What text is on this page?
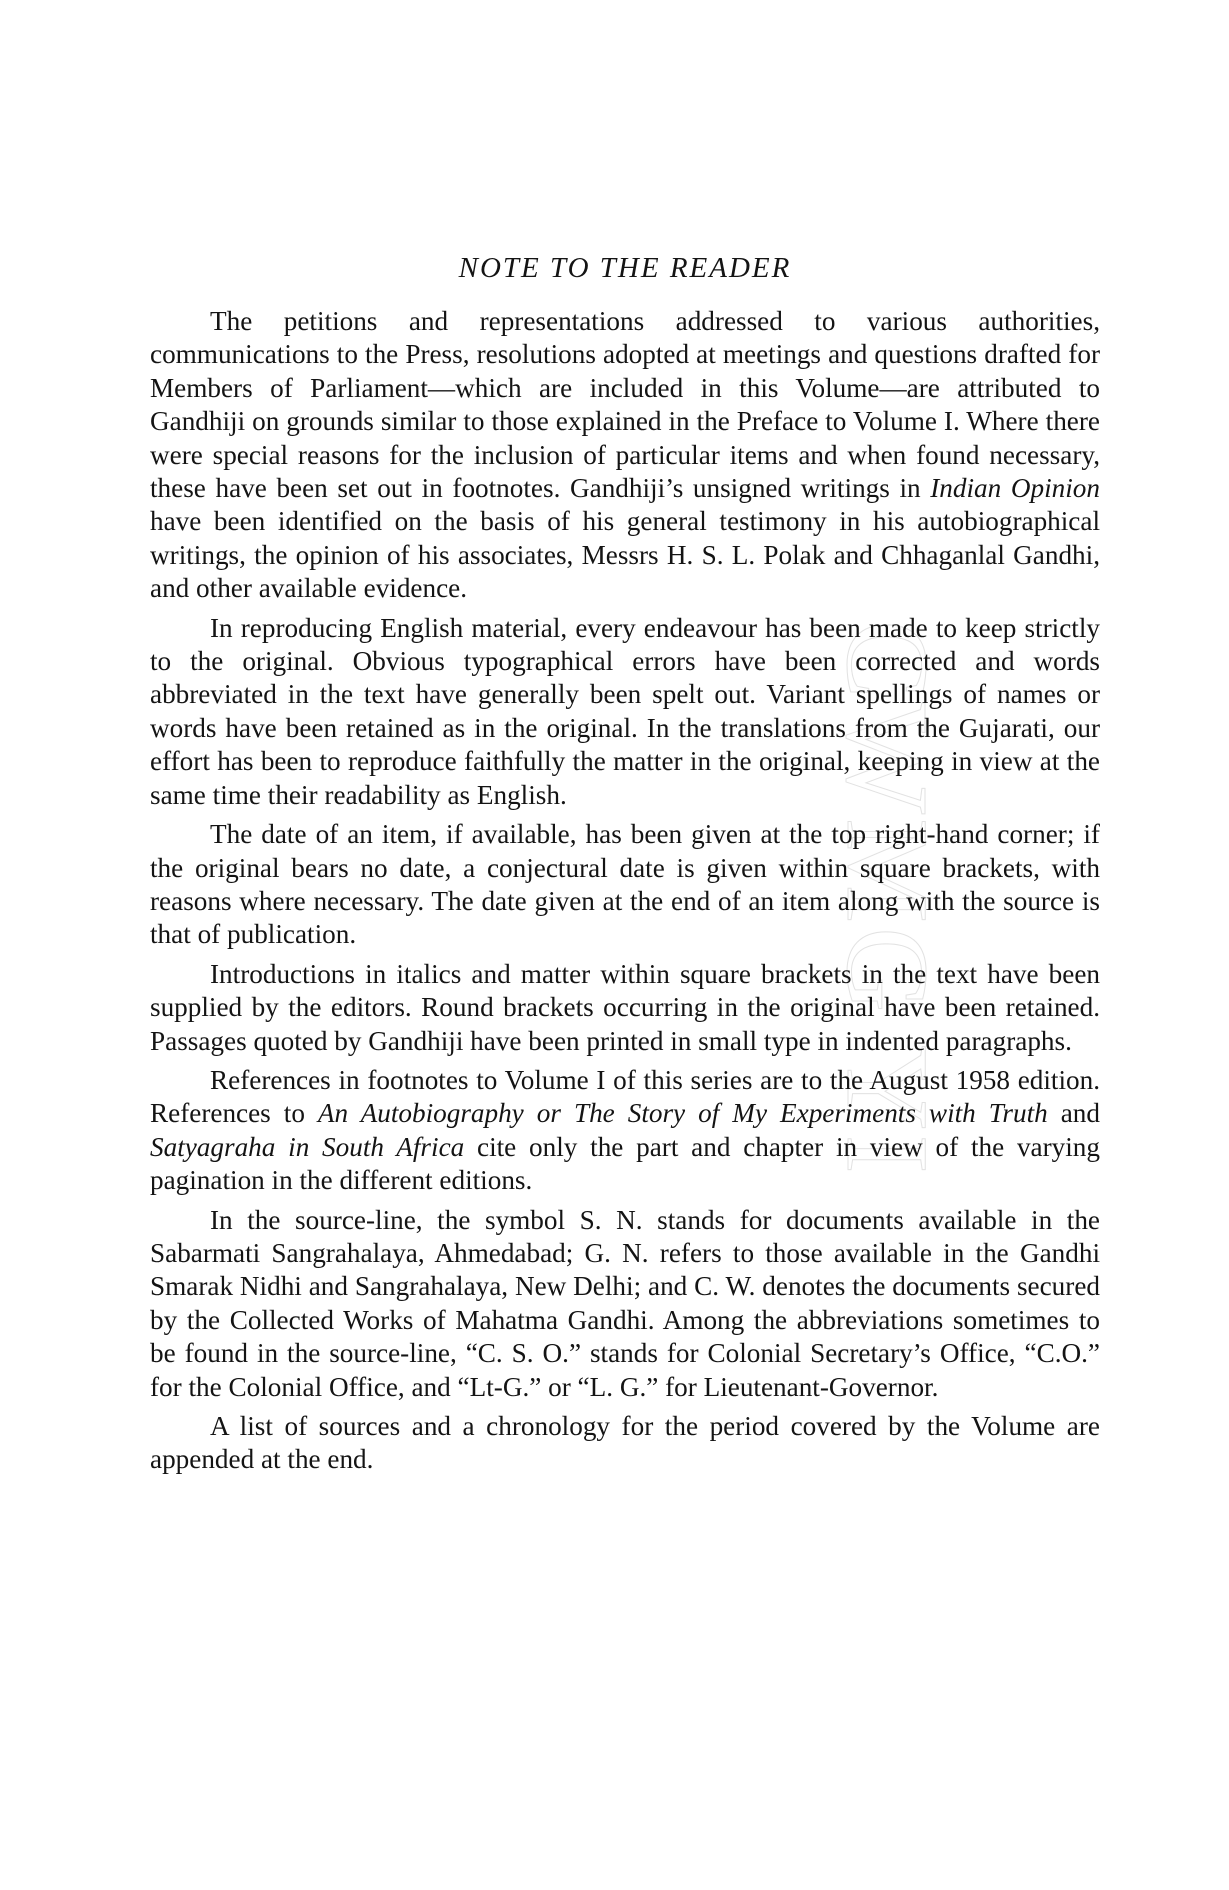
CWMG YI
NOTE TO THE READER

The petitions and representations addressed to various authorities, communications to the Press, resolutions adopted at meetings and questions drafted for Members of Parliament—which are included in this Volume—are attributed to Gandhiji on grounds similar to those explained in the Preface to Volume I. Where there were special reasons for the inclusion of particular items and when found necessary, these have been set out in footnotes. Gandhiji’s unsigned writings in Indian Opinion have been identified on the basis of his general testimony in his autobiographical writings, the opinion of his associates, Messrs H. S. L. Polak and Chhaganlal Gandhi, and other available evidence.

In reproducing English material, every endeavour has been made to keep strictly to the original. Obvious typographical errors have been corrected and words abbreviated in the text have generally been spelt out. Variant spellings of names or words have been retained as in the original. In the translations from the Gujarati, our effort has been to reproduce faithfully the matter in the original, keeping in view at the same time their readability as English.

The date of an item, if available, has been given at the top right-hand corner; if the original bears no date, a conjectural date is given within square brackets, with reasons where necessary. The date given at the end of an item along with the source is that of publication.

Introductions in italics and matter within square brackets in the text have been supplied by the editors. Round brackets occurring in the original have been retained. Passages quoted by Gandhiji have been printed in small type in indented paragraphs.

References in footnotes to Volume I of this series are to the August 1958 edition. References to An Autobiography or The Story of My Experiments with Truth and Satyagraha in South Africa cite only the part and chapter in view of the varying pagination in the different editions.

In the source-line, the symbol S. N. stands for documents available in the Sabarmati Sangrahalaya, Ahmedabad; G. N. refers to those available in the Gandhi Smarak Nidhi and Sangrahalaya, New Delhi; and C. W. denotes the documents secured by the Collected Works of Mahatma Gandhi. Among the abbreviations sometimes to be found in the source-line, “C. S. O.” stands for Colonial Secretary’s Office, “C.O.” for the Colonial Office, and “Lt-G.” or “L. G.” for Lieutenant-Governor.

A list of sources and a chronology for the period covered by the Volume are appended at the end.
